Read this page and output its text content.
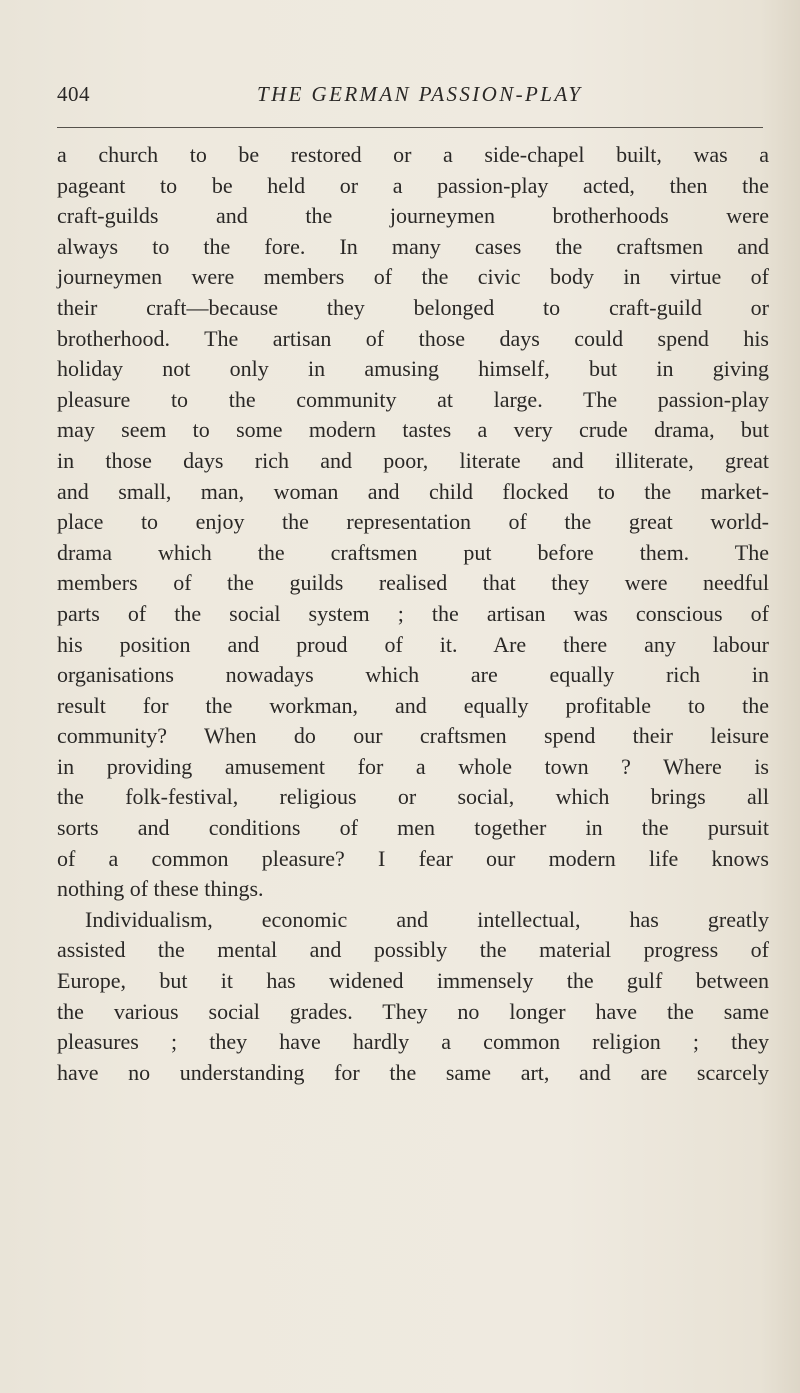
404	THE GERMAN PASSION-PLAY
a church to be restored or a side-chapel built, was a
pageant to be held or a passion-play acted, then the
craft-guilds and the journeymen brotherhoods were
always to the fore. In many cases the craftsmen and
journeymen were members of the civic body in virtue of
their craft—because they belonged to craft-guild or
brotherhood. The artisan of those days could spend his
holiday not only in amusing himself, but in giving
pleasure to the community at large. The passion-play
may seem to some modern tastes a very crude drama, but
in those days rich and poor, literate and illiterate, great
and small, man, woman and child flocked to the market-
place to enjoy the representation of the great world-
drama which the craftsmen put before them. The
members of the guilds realised that they were needful
parts of the social system ; the artisan was conscious of
his position and proud of it. Are there any labour
organisations nowadays which are equally rich in
result for the workman, and equally profitable to the
community? When do our craftsmen spend their leisure
in providing amusement for a whole town ? Where is
the folk-festival, religious or social, which brings all
sorts and conditions of men together in the pursuit
of a common pleasure? I fear our modern life knows
nothing of these things.
Individualism, economic and intellectual, has greatly
assisted the mental and possibly the material progress of
Europe, but it has widened immensely the gulf between
the various social grades. They no longer have the same
pleasures ; they have hardly a common religion ; they
have no understanding for the same art, and are scarcely
